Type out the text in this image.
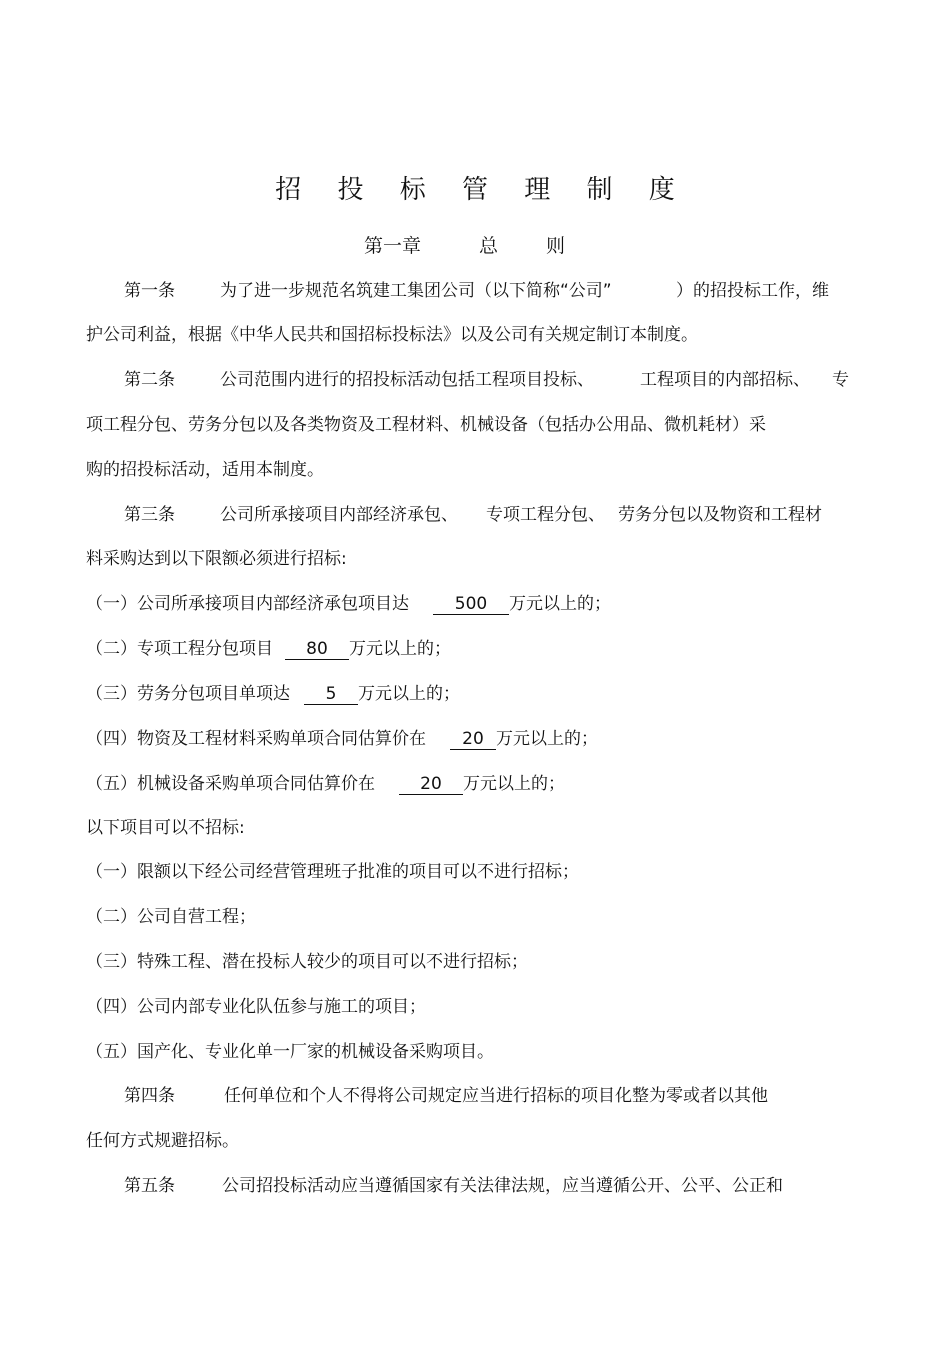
招 投 标 管 理 制 度
第一章	总	则
第一条	为了进一步规范名筑建工集团公司（以下简称“公司”	）的招投标工作，维
护公司利益，根据《中华人民共和国招标投标法》以及公司有关规定制订本制度。
第二条	公司范围内进行的招投标活动包括工程项目投标、	工程项目的内部招标、 专
项工程分包、劳务分包以及各类物资及工程材料、机械设备（包括办公用品、微机耗材）采
购的招投标活动，适用本制度。
第三条	公司所承接项目内部经济承包、 专项工程分包、 劳务分包以及物资和工程材
料采购达到以下限额必须进行招标:
（一）公司所承接项目内部经济承包项目达	500 万元以上的；
（二）专项工程分包项目 80 万元以上的；
（三）劳务分包项目单项达 5 万元以上的；
（四）物资及工程材料采购单项合同估算价在 20 万元以上的；
（五）机械设备采购单项合同估算价在	20 万元以上的；
以下项目可以不招标:
（一）限额以下经公司经营管理班子批准的项目可以不进行招标；
（二）公司自营工程；
（三）特殊工程、潜在投标人较少的项目可以不进行招标；
（四）公司内部专业化队伍参与施工的项目；
（五）国产化、专业化单一厂家的机械设备采购项目。
第四条	任何单位和个人不得将公司规定应当进行招标的项目化整为零或者以其他
任何方式规避招标。
第五条	公司招投标活动应当遵循国家有关法律法规，应当遵循公开、公平、公正和
